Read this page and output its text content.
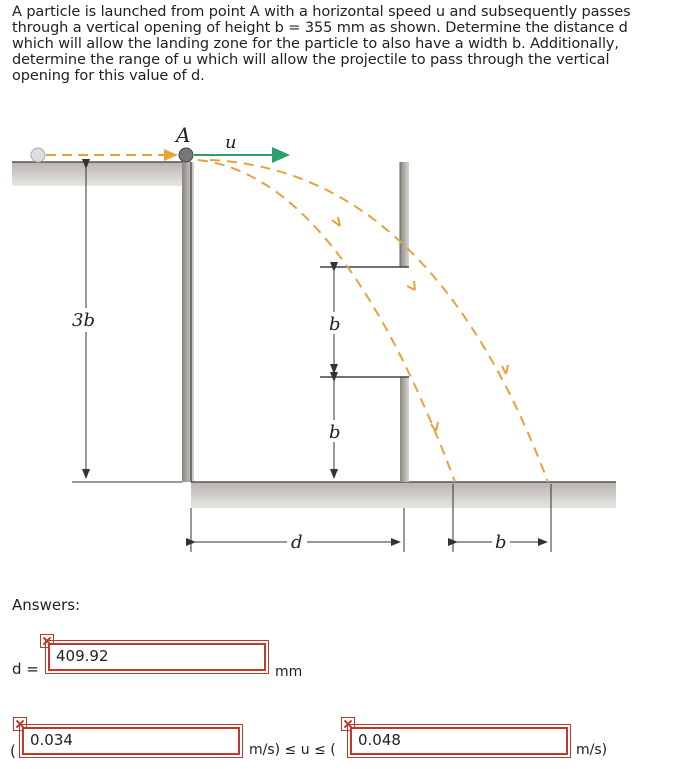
A particle is launched from point A with a horizontal speed u and subsequently passes
through a vertical opening of height b = 355 mm as shown. Determine the distance d
which will allow the landing zone for the particle to also have a width b. Additionally,
determine the range of u which will allow the projectile to pass through the vertical
opening for this value of d.
3b	b
b
d	b
A u
Answers:
d =
409.92
mm
(
0.034
m/s) ≤ u ≤ (
0.048
m/s)
